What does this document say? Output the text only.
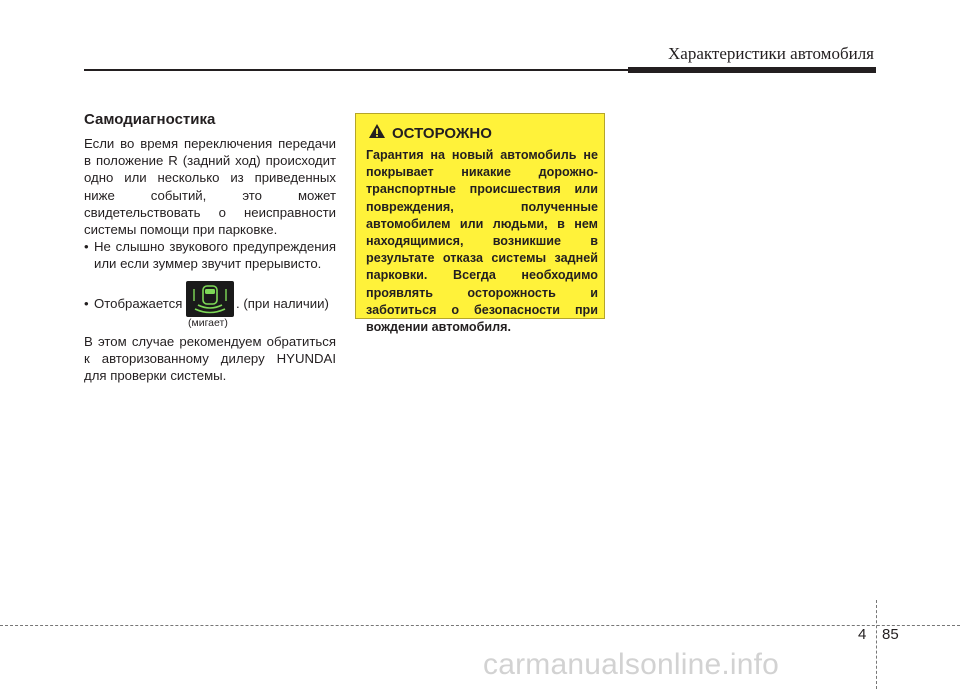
Характеристики автомобиля
Самодиагностика

Если во время переключения передачи в положение R (задний ход) происходит одно или несколько из приведенных ниже событий, это может свидетельствовать о неисправности системы помощи при парковке.

• Не слышно звукового предупреждения или если зуммер звучит прерывисто.
• Отображается	. (при наличии)
(мигает)

В этом случае рекомендуем обратиться к авторизованному дилеру HYUNDAI для проверки системы.

ОСТОРОЖНО
Гарантия на новый автомобиль не покрывает никакие дорожно-транспортные происшествия или повреждения, полученные автомобилем или людьми, в нем находящимися, возникшие в результате отказа системы задней парковки. Всегда необходимо проявлять осторожность и заботиться о безопасности при вождении автомобиля.
4 85
carmanualsonline.info
